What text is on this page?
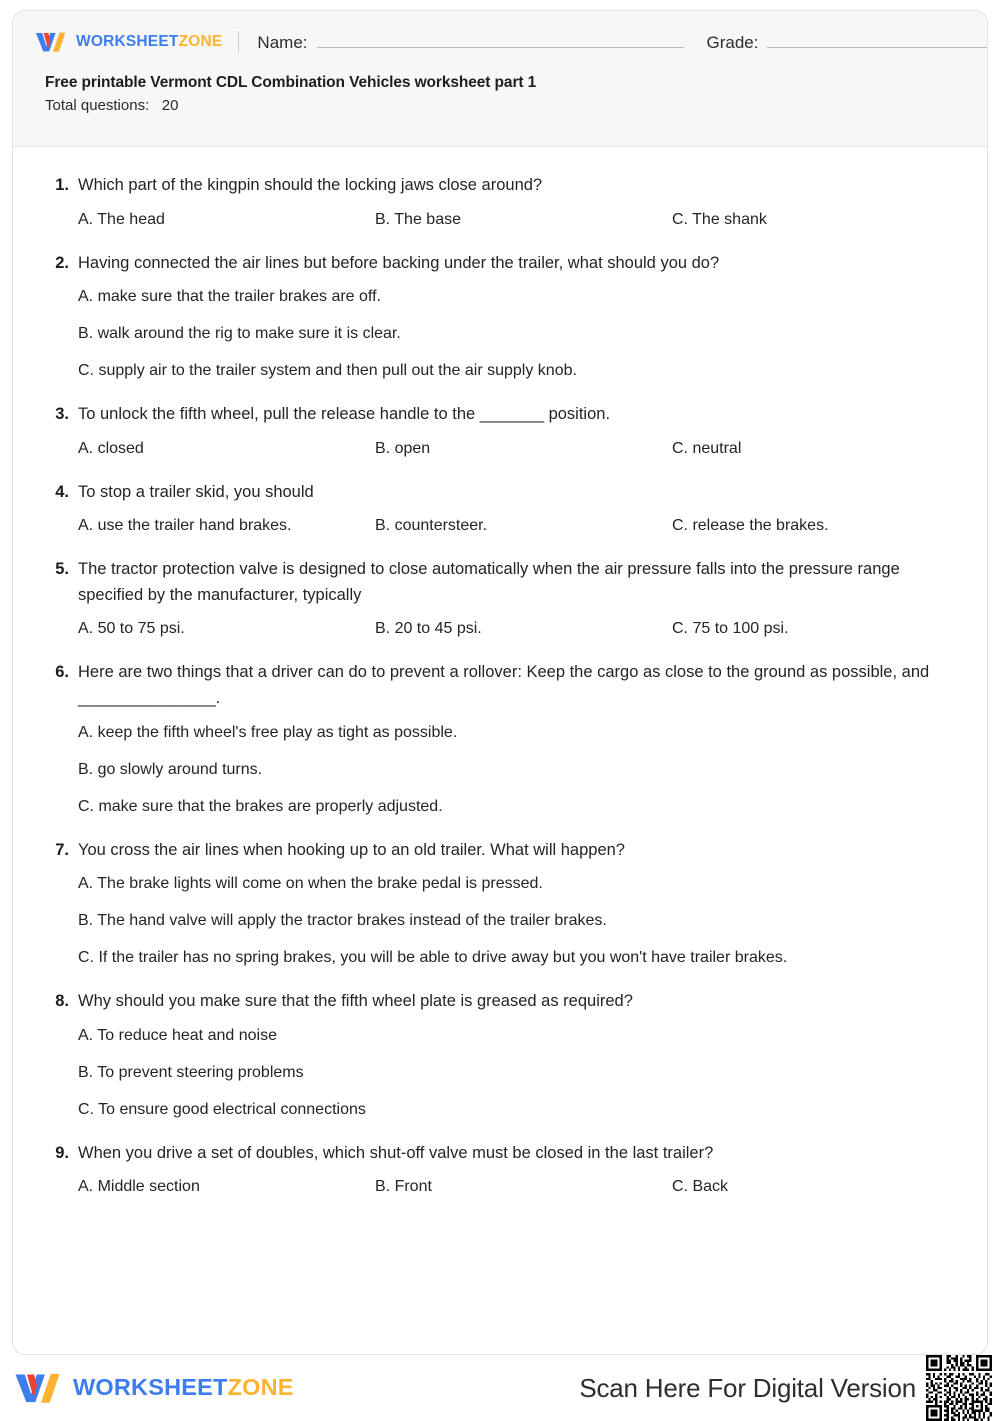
WORKSHEETZONE Name:	Grade:
Free printable Vermont CDL Combination Vehicles worksheet part 1
Total questions:   20
1. Which part of the kingpin should the locking jaws close around?
A. The head	B. The base	C. The shank
2. Having connected the air lines but before backing under the trailer, what should you do?
A. make sure that the trailer brakes are off.
B. walk around the rig to make sure it is clear.
C. supply air to the trailer system and then pull out the air supply knob.
3. To unlock the fifth wheel, pull the release handle to the _______ position.
A. closed	B. open	C. neutral
4. To stop a trailer skid, you should
A. use the trailer hand brakes.	B. countersteer.	C. release the brakes.
5. The tractor protection valve is designed to close automatically when the air pressure falls into the pressure range specified by the manufacturer, typically
A. 50 to 75 psi.	B. 20 to 45 psi.	C. 75 to 100 psi.
6. Here are two things that a driver can do to prevent a rollover: Keep the cargo as close to the ground as possible, and _______________.
A. keep the fifth wheel's free play as tight as possible.
B. go slowly around turns.
C. make sure that the brakes are properly adjusted.
7. You cross the air lines when hooking up to an old trailer. What will happen?
A. The brake lights will come on when the brake pedal is pressed.
B. The hand valve will apply the tractor brakes instead of the trailer brakes.
C. If the trailer has no spring brakes, you will be able to drive away but you won't have trailer brakes.
8. Why should you make sure that the fifth wheel plate is greased as required?
A. To reduce heat and noise
B. To prevent steering problems
C. To ensure good electrical connections
9. When you drive a set of doubles, which shut-off valve must be closed in the last trailer?
A. Middle section	B. Front	C. Back
WORKSHEETZONE	Scan Here For Digital Version
